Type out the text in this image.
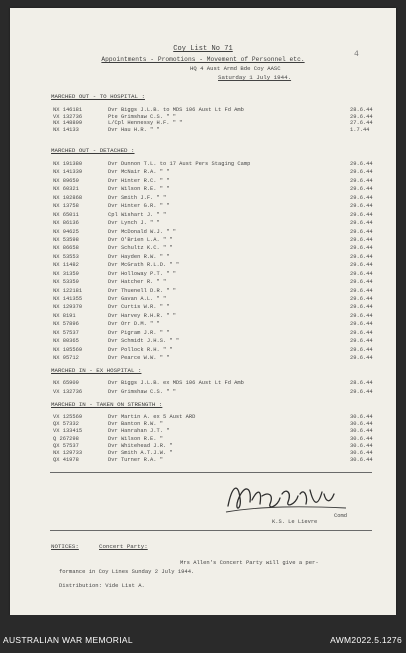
4
Coy List No 71
Appointments - Promotions - Movement of Personnel etc.
HQ 4 Aust Armd Bde Coy AASC
Saturday 1 July 1944.
MARCHED OUT - TO HOSPITAL :
NX 146181	Dvr Biggs J.L.B. to MDS 106 Aust Lt Fd Amb	28.6.44
VX 132736	Pte Grimshaw C.S. " "	29.6.44
NX 148809	L/Cpl Hennessy H.F. " "	27.6.44
NX 14133	Dvr Hau H.R. " "	1.7.44
MARCHED OUT - DETACHED :
NX 191380	Dvr Dunnon T.L. to 17 Aust Pers Staging Camp	29.6.44
NX 141339	Dvr McNair R.A. " "	29.6.44
NX 89650	Dvr Hinter R.C. " "	29.6.44
NX 60321	Dvr Wilson R.E. " "	29.6.44
NX 102868	Dvr Smith J.F. " "	29.6.44
NX 13758	Dvr Hinter G.R. " "	29.6.44
NX 65011	Cpl Wishart J. " "	29.6.44
NX 86136	Dvr Lynch J. " "	29.6.44
NX 94625	Dvr McDonald W.J. " "	29.6.44
NX 53598	Dvr O'Brien L.A. " "	29.6.44
NX 86658	Dvr Schultz K.C. " "	29.6.44
NX 53553	Dvr Hayden R.W. " "	29.6.44
NX 11482	Dvr McGrath R.L.D. " "	29.6.44
NX 31359	Dvr Holloway P.T. " "	29.6.44
NX 53359	Dvr Hatcher R. " "	29.6.44
NX 122181	Dvr Thuenell D.R. " "	29.6.44
NX 141355	Dvr Gavan A.L. " "	29.6.44
NX 129370	Dvr Curtis W.R. " "	29.6.44
NX 8191	Dvr Harvey R.H.R. " "	29.6.44
NX 57896	Dvr Orr D.M. " "	29.6.44
NX 57537	Dvr Pigram J.R. " "	29.6.44
NX 80365	Dvr Schmidt J.H.S. " "	29.6.44
NX 105569	Dvr Pollock R.H. " "	29.6.44
NX 95712	Dvr Pearce W.W. " "	29.6.44
MARCHED IN - EX HOSPITAL :
NX 65909	Dvr Biggs J.L.B. ex MDS 106 Aust Lt Fd Amb	28.6.44
VX 132736	Dvr Grimshaw C.S. " "	29.6.44
MARCHED IN - TAKEN ON STRENGTH :
VX 125569	Dvr Martin A. ex 5 Aust ARD	30.6.44
QX 57332	Dvr Banton R.W. "	30.6.44
VX 133415	Dvr Hanrahan J.T. "	30.6.44
Q 267298	Dvr Wilson R.E. "	30.6.44
QX 57537	Dvr Whitehead J.R. "	30.6.44
NX 129733	Dvr Smith A.T.J.W. "	30.6.44
QX 41978	Dvr Turner R.A. "	30.6.44
Comd
K.S. Le Lievre
NOTICES:	Concert Party:
Mrs Allen's Concert Party will give a per-
formance in Coy Lines Sunday 2 July 1944.
Distribution: Vide List A.
AUSTRALIAN WAR MEMORIAL	AWM2022.5.1276
